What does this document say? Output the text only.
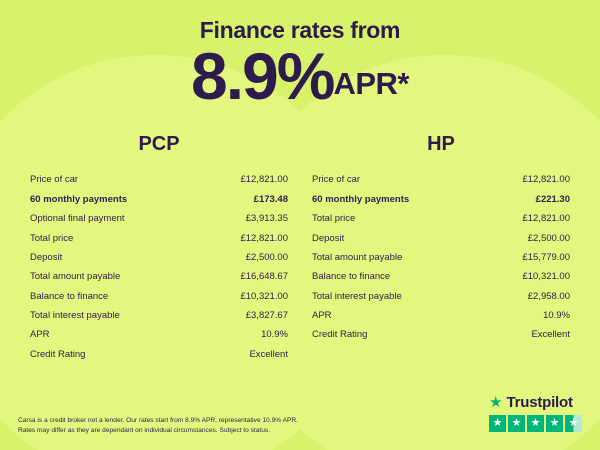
Finance rates from
8.9%APR*
PCP
Price of car	£12,821.00
60 monthly payments	£173.48
Optional final payment	£3,913.35
Total price	£12,821.00
Deposit	£2,500.00
Total amount payable	£16,648.67
Balance to finance	£10,321.00
Total interest payable	£3,827.67
APR	10.9%
Credit Rating	Excellent
HP
Price of car	£12,821.00
60 monthly payments	£221.30
Total price	£12,821.00
Deposit	£2,500.00
Total amount payable	£15,779.00
Balance to finance	£10,321.00
Total interest payable	£2,958.00
APR	10.9%
Credit Rating	Excellent
Carsa is a credit broker not a lender. Our rates start from 8.9% APR, representative 10.9% APR.
Rates may differ as they are dependant on individual circumstances. Subject to status.
★ Trustpilot
★ ★ ★ ★ ★
